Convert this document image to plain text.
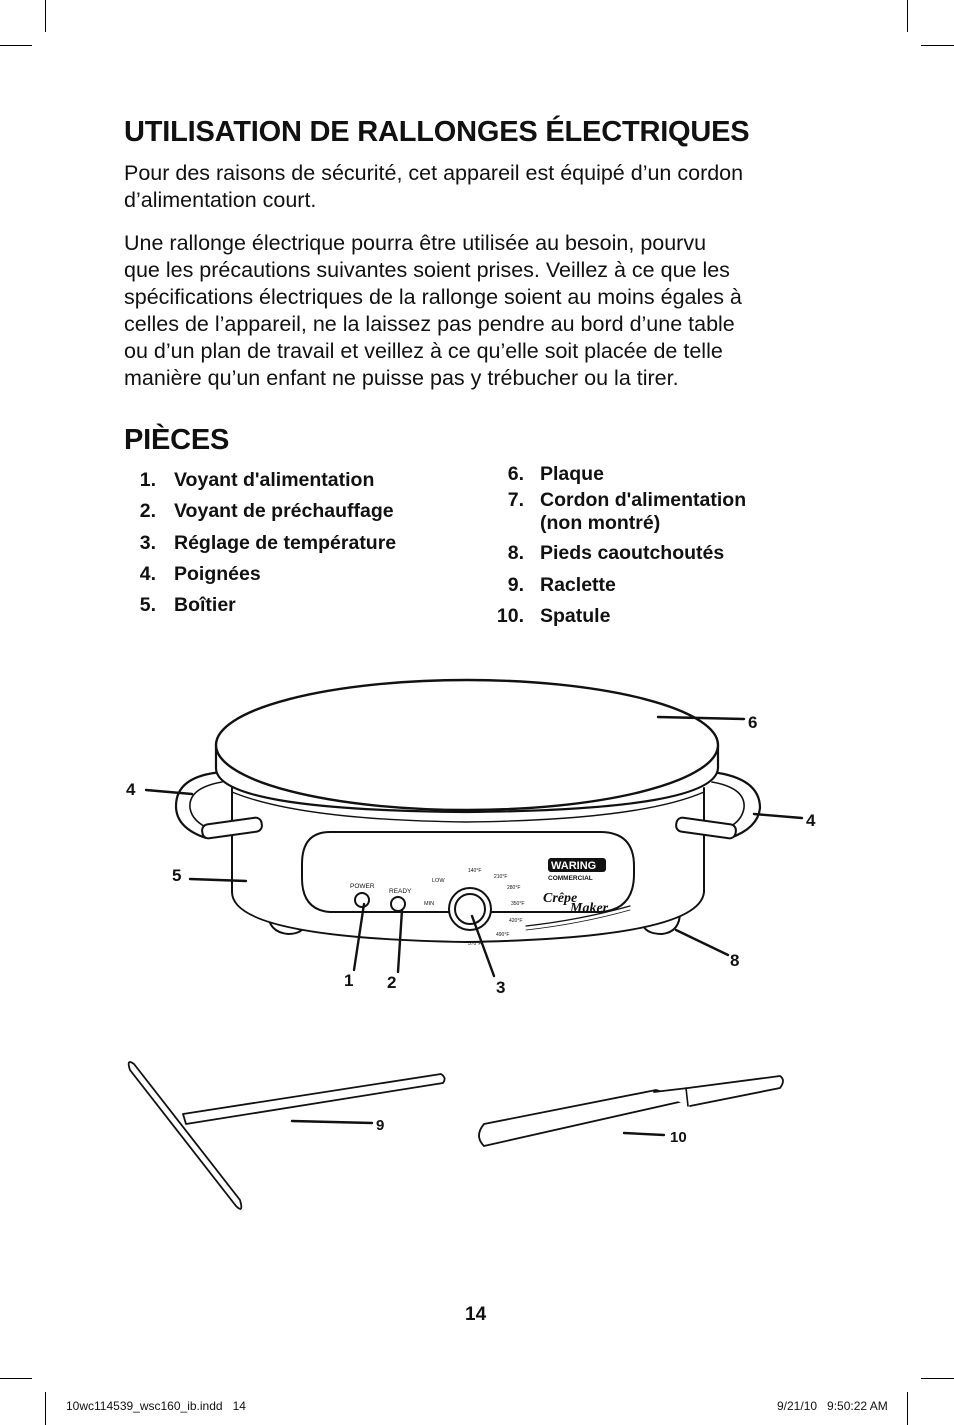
UTILISATION DE RALLONGES ÉLECTRIQUES
Pour des raisons de sécurité, cet appareil est équipé d’un cordon
d’alimentation court.
Une rallonge électrique pourra être utilisée au besoin, pourvu
que les précautions suivantes soient prises. Veillez à ce que les
spécifications électriques de la rallonge soient au moins égales à
celles de l’appareil, ne la laissez pas pendre au bord d’une table
ou d’un plan de travail et veillez à ce qu’elle soit placée de telle
manière qu’un enfant ne puisse pas y trébucher ou la tirer.
PIÈCES
1. Voyant d'alimentation
2. Voyant de préchauffage
3. Réglage de température
4. Poignées
5. Boîtier
6. Plaque
7. Cordon d'alimentation
(non montré)
8. Pieds caoutchoutés
9. Raclette
10. Spatule
POWER
READY
LOW
MIN
140°F
210°F
280°F
350°F
420°F
490°F
570°F
WARING
COMMERCIAL
Crêpe
Maker
6
4
4
5
1 2	3
8
9
10
14
10wc114539_wsc160_ib.indd   14	9/21/10   9:50:22 AM
